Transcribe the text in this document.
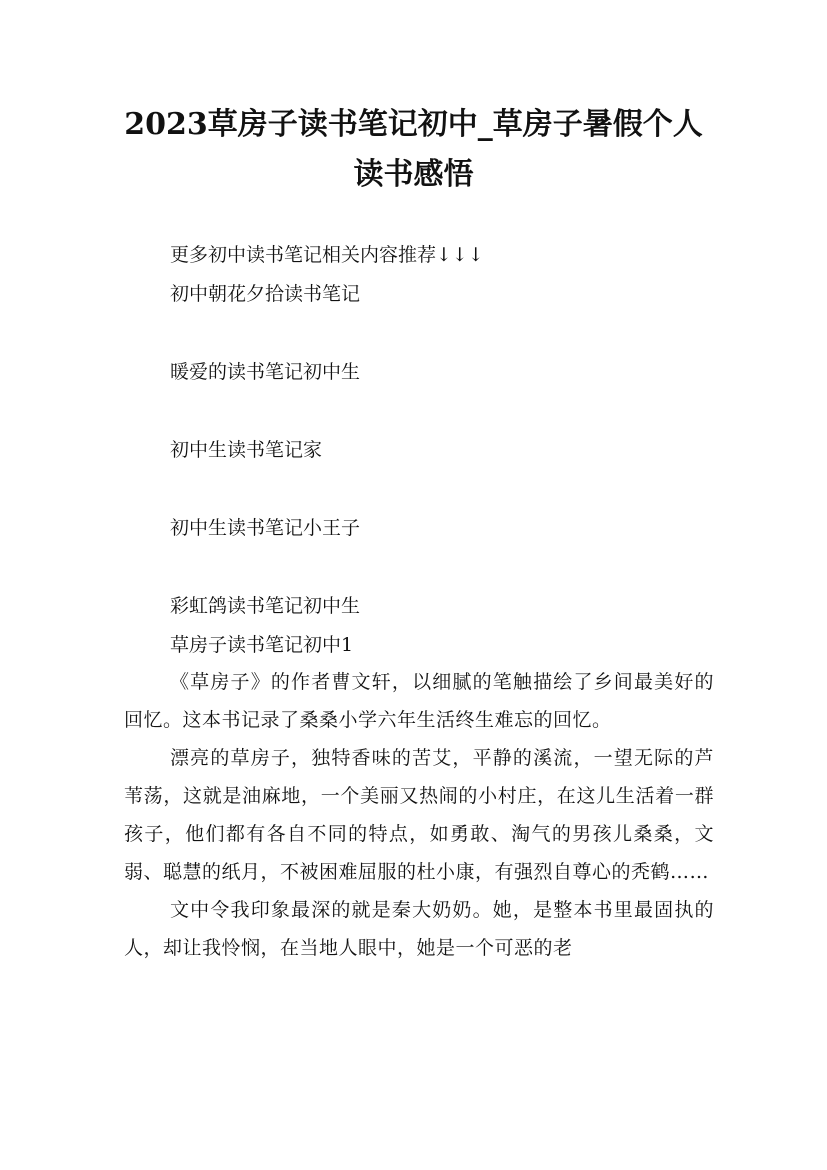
2023草房子读书笔记初中_草房子暑假个人
读书感悟
更多初中读书笔记相关内容推荐↓↓↓
初中朝花夕拾读书笔记
暖爱的读书笔记初中生
初中生读书笔记家
初中生读书笔记小王子
彩虹鸽读书笔记初中生
草房子读书笔记初中1

《草房子》的作者曹文轩，以细腻的笔触描绘了乡间最美好的回忆。这本书记录了桑桑小学六年生活终生难忘的回忆。

漂亮的草房子，独特香味的苦艾，平静的溪流，一望无际的芦苇荡，这就是油麻地，一个美丽又热闹的小村庄，在这儿生活着一群孩子，他们都有各自不同的特点，如勇敢、淘气的男孩儿桑桑，文弱、聪慧的纸月，不被困难屈服的杜小康，有强烈自尊心的秃鹤……

文中令我印象最深的就是秦大奶奶。她，是整本书里最固执的人，却让我怜悯，在当地人眼中，她是一个可恶的老
